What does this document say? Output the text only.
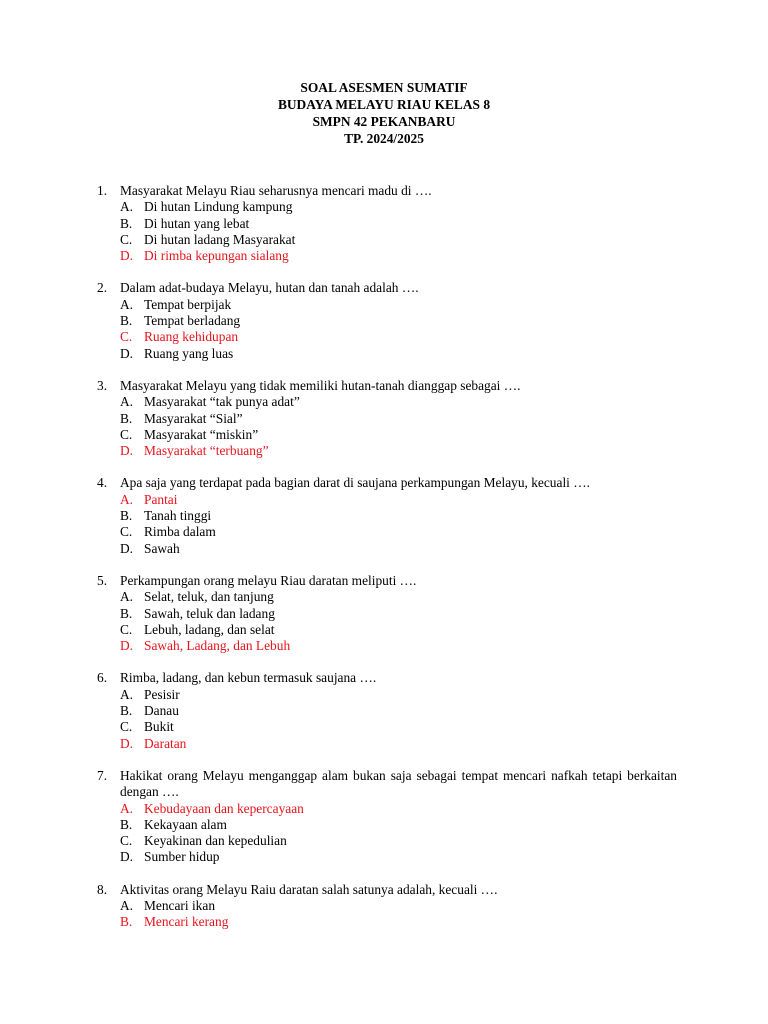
SOAL ASESMEN SUMATIF
BUDAYA MELAYU RIAU KELAS 8
SMPN 42 PEKANBARU
TP. 2024/2025
1. Masyarakat Melayu Riau seharusnya mencari madu di ….
A. Di hutan Lindung kampung
B. Di hutan yang lebat
C. Di hutan ladang Masyarakat
D. Di rimba kepungan sialang
2. Dalam adat-budaya Melayu, hutan dan tanah adalah ….
A. Tempat berpijak
B. Tempat berladang
C. Ruang kehidupan
D. Ruang yang luas
3. Masyarakat Melayu yang tidak memiliki hutan-tanah dianggap sebagai ….
A. Masyarakat “tak punya adat”
B. Masyarakat “Sial”
C. Masyarakat “miskin”
D. Masyarakat “terbuang”
4. Apa saja yang terdapat pada bagian darat di saujana perkampungan Melayu, kecuali ….
A. Pantai
B. Tanah tinggi
C. Rimba dalam
D. Sawah
5. Perkampungan orang melayu Riau daratan meliputi ….
A. Selat, teluk, dan tanjung
B. Sawah, teluk dan ladang
C. Lebuh, ladang, dan selat
D. Sawah, Ladang, dan Lebuh
6. Rimba, ladang, dan kebun termasuk saujana ….
A. Pesisir
B. Danau
C. Bukit
D. Daratan
7. Hakikat orang Melayu menganggap alam bukan saja sebagai tempat mencari nafkah tetapi berkaitan dengan ….
A. Kebudayaan dan kepercayaan
B. Kekayaan alam
C. Keyakinan dan kepedulian
D. Sumber hidup
8. Aktivitas orang Melayu Raiu daratan salah satunya adalah, kecuali ….
A. Mencari ikan
B. Mencari kerang
